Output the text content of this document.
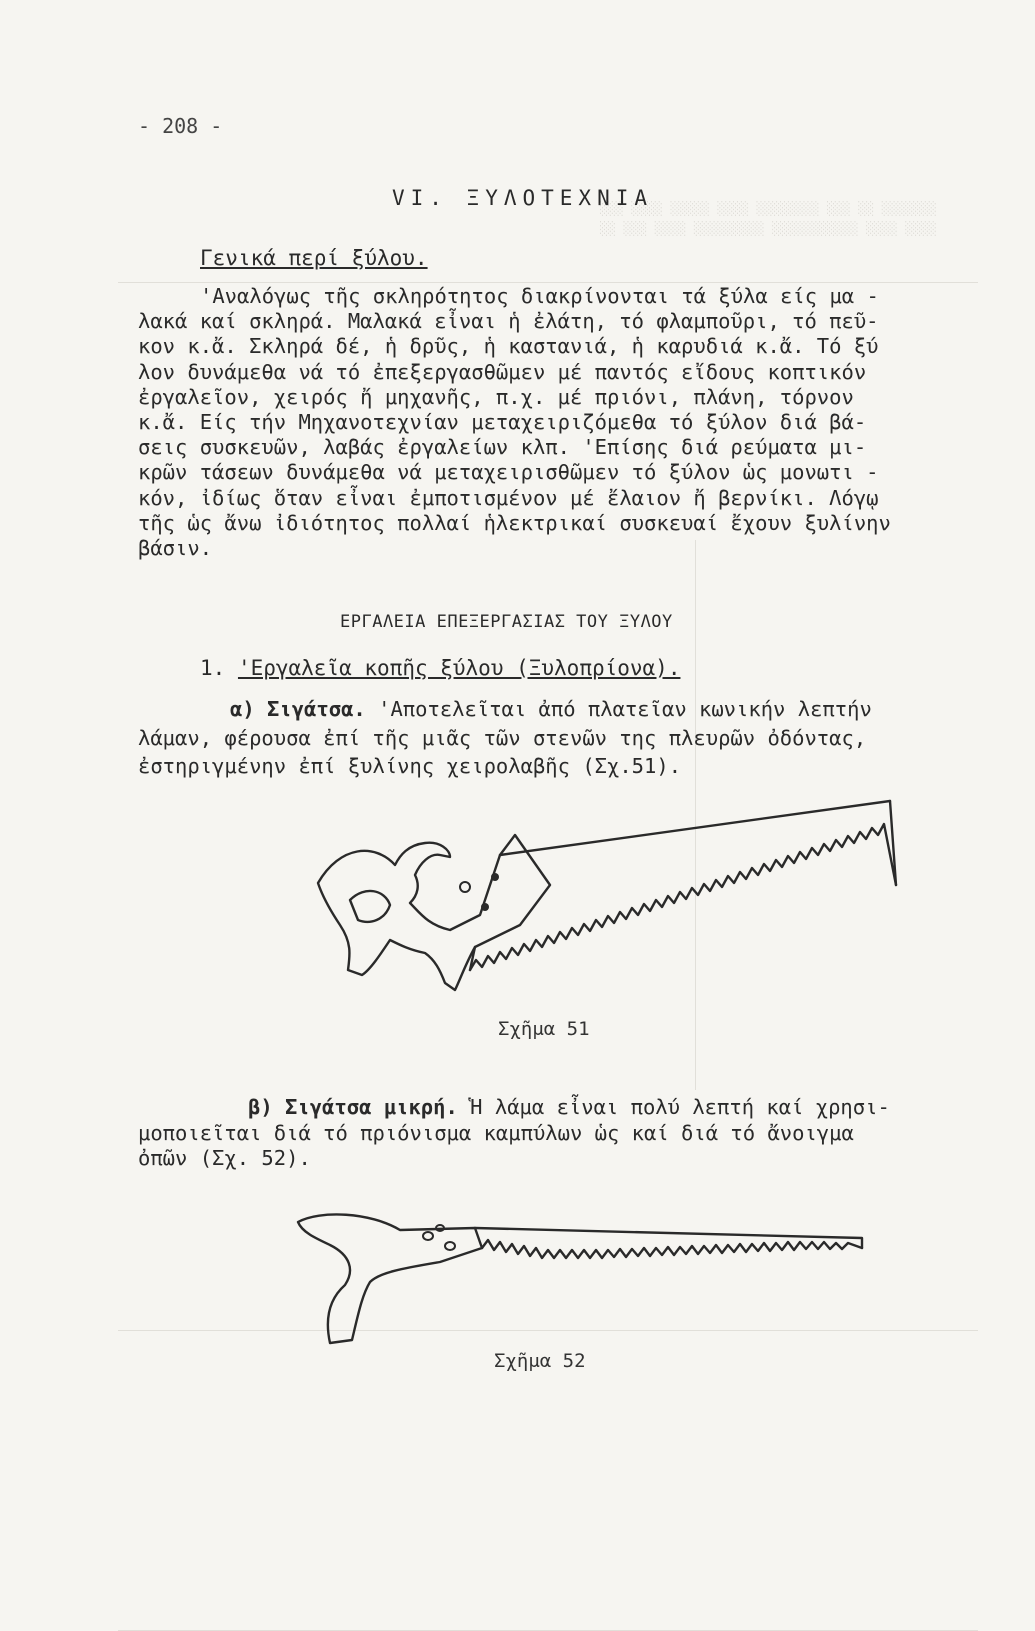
░░░ ░░░░ ░░░░░ ░░░░ ░░░░░░░░ ░░░ ░░ ░░░░░░░
░░ ░░░ ░░░░ ░░░░░░░░░ ░░░░░░░░░░░ ░░░░ ░░░░
- 208 -
VI. ΞΥΛΟΤΕΧΝΙΑ
Γενικά περί ξύλου.
'Αναλόγως τῆς σκληρότητος διακρίνονται τά ξύλα είς μα -
λακά καί σκληρά. Μαλακά εἶναι ἡ ἐλάτη, τό φλαμποῦρι, τό πεῦ-
κον κ.ἄ. Σκληρά δέ, ἡ δρῦς, ἡ καστανιά, ἡ καρυδιά κ.ἄ. Τό ξύ
λον δυνάμεθα νά τό ἐπεξεργασθῶμεν μέ παντός εἴδους κοπτικόν
ἐργαλεῖον, χειρός ἤ μηχανῆς, π.χ. μέ πριόνι, πλάνη, τόρνον
κ.ἄ. Είς τήν Μηχανοτεχνίαν μεταχειριζόμεθα τό ξύλον διά βά-
σεις συσκευῶν, λαβάς ἐργαλείων κλπ. 'Επίσης διά ρεύματα μι-
κρῶν τάσεων δυνάμεθα νά μεταχειρισθῶμεν τό ξύλον ὡς μονωτι -
κόν, ἰδίως ὅταν εἶναι ἐμποτισμένον μέ ἔλαιον ἤ βερνίκι. Λόγῳ
τῆς ὡς ἄνω ἰδιότητος πολλαί ἡλεκτρικαί συσκευαί ἔχουν ξυλίνην
βάσιν.
ΕΡΓΑΛΕΙΑ ΕΠΕΞΕΡΓΑΣΙΑΣ ΤΟΥ ΞΥΛΟΥ
1. 'Εργαλεῖα κοπῆς ξύλου (Ξυλοπρίονα).
α) Σιγάτσα. 'Αποτελεῖται ἀπό πλατεῖαν κωνικήν λεπτήν
λάμαν, φέρουσα ἐπί τῆς μιᾶς τῶν στενῶν της πλευρῶν ὀδόντας,
ἐστηριγμένην ἐπί ξυλίνης χειρολαβῆς (Σχ.51).
Σχῆμα 51
β) Σιγάτσα μικρή. Ἡ λάμα εἶναι πολύ λεπτή καί χρησι-
μοποιεῖται διά τό πριόνισμα καμπύλων ὡς καί διά τό ἄνοιγμα
ὀπῶν (Σχ. 52).
Σχῆμα 52
